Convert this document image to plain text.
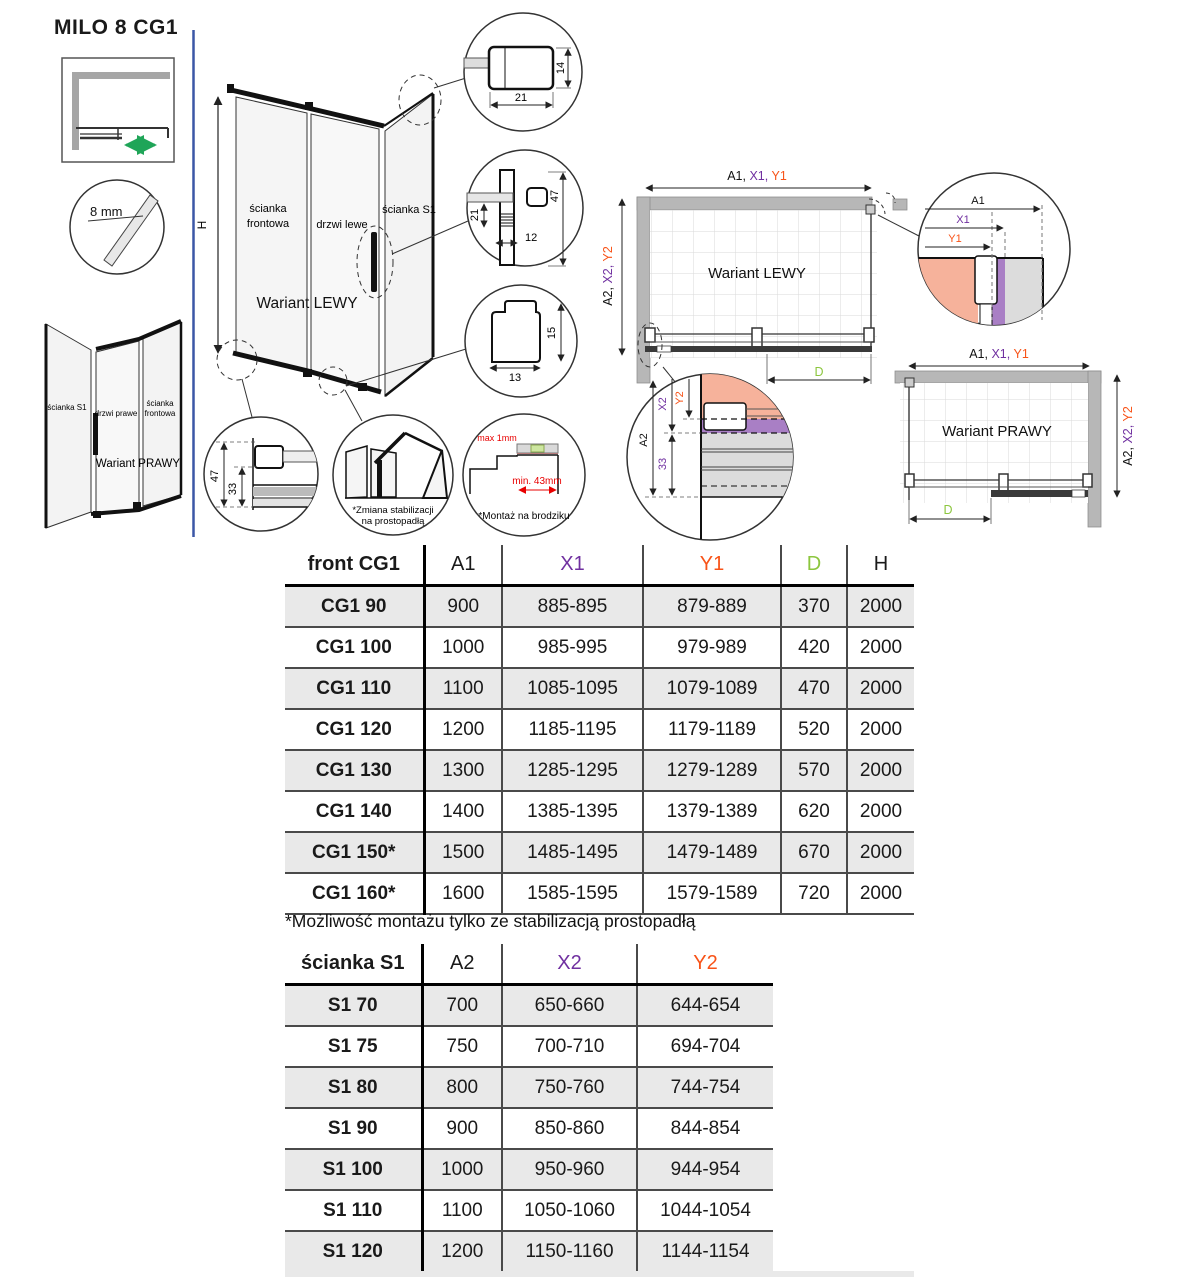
MILO 8 CG1
8 mm
ścianka S1
drzwi prawe
ścianka
frontowa
Wariant PRAWY
H
ścianka
frontowa drzwi lewe
ścianka S1
Wariant LEWY
21
14
21
12
47
13
15
47
33
*Zmiana stabilizacji
na prostopadłą
max 1mm
min. 43mm
*Montaż na brodziku
A1, X1, Y1
Wariant LEWY
D
A2, X2, Y2
A1
X1
Y1
Y2
X2
A2
33
A1, X1, Y1
Wariant PRAWY
D
A2, X2, Y2
front CG1	A1	X1	Y1	D	H
CG1 90	900	885-895	879-889	370	2000
CG1 100	1000	985-995	979-989	420	2000
CG1 110	1100	1085-1095	1079-1089	470	2000
CG1 120	1200	1185-1195	1179-1189	520	2000
CG1 130	1300	1285-1295	1279-1289	570	2000
CG1 140	1400	1385-1395	1379-1389	620	2000
CG1 150*	1500	1485-1495	1479-1489	670	2000
CG1 160*	1600	1585-1595	1579-1589	720	2000
*Możliwość montażu tylko ze stabilizacją prostopadłą
ścianka S1	A2	X2	Y2
S1 70	700	650-660	644-654
S1 75	750	700-710	694-704
S1 80	800	750-760	744-754
S1 90	900	850-860	844-854
S1 100	1000	950-960	944-954
S1 110	1100	1050-1060	1044-1054
S1 120	1200	1150-1160	1144-1154
